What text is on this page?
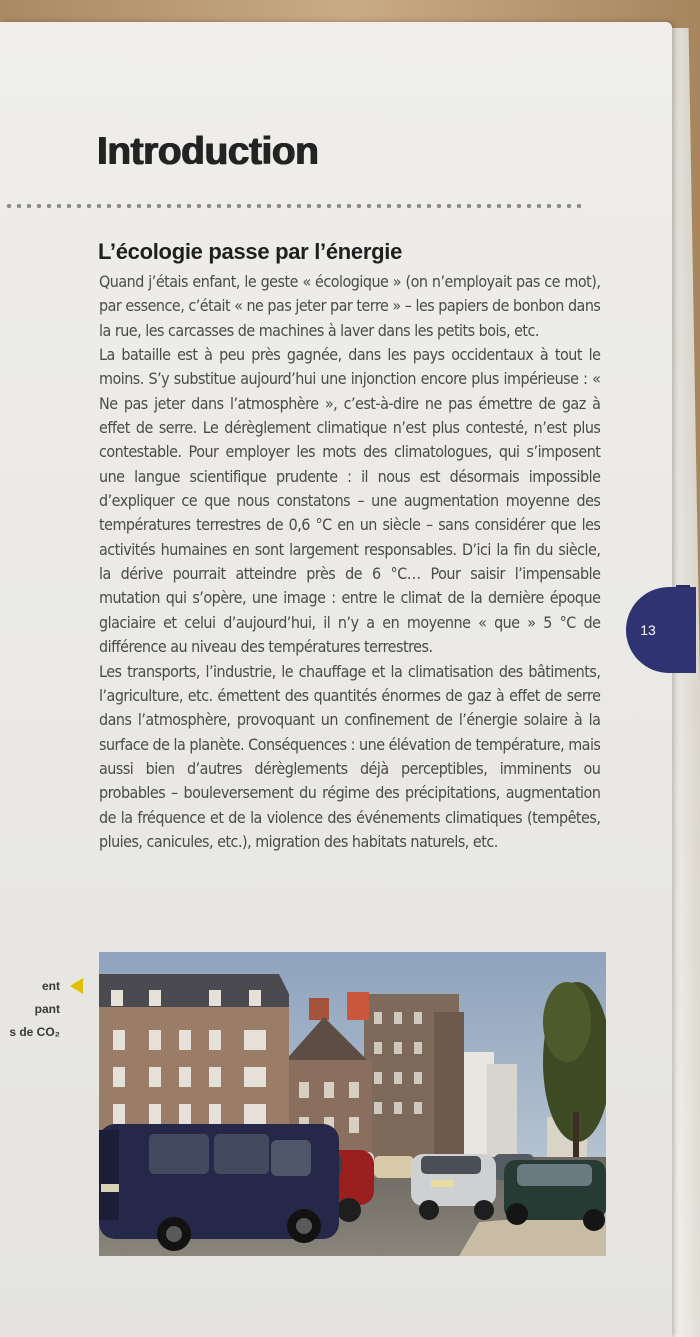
Introduction
L’écologie passe par l’énergie

Quand j’étais enfant, le geste « écologique » (on n’employait pas ce mot), par essence, c’était « ne pas jeter par terre » – les papiers de bonbon dans la rue, les carcasses de machines à laver dans les petits bois, etc.

La bataille est à peu près gagnée, dans les pays occidentaux à tout le moins. S’y substitue aujourd’hui une injonction encore plus impérieuse : « Ne pas jeter dans l’atmosphère », c’est-à-dire ne pas émettre de gaz à effet de serre. Le dérèglement climatique n’est plus contesté, n’est plus contestable. Pour employer les mots des climatologues, qui s’imposent une langue scientifique prudente : il nous est désormais impossible d’expliquer ce que nous constatons – une augmentation moyenne des températures terrestres de 0,6 °C en un siècle – sans considérer que les activités humaines en sont largement responsables. D’ici la fin du siècle, la dérive pourrait atteindre près de 6 °C… Pour saisir l’impensable mutation qui s’opère, une image : entre le climat de la dernière époque glaciaire et celui d’aujourd’hui, il n’y a en moyenne « que » 5 °C de différence au niveau des températures terrestres.

Les transports, l’industrie, le chauffage et la climatisation des bâtiments, l’agriculture, etc. émettent des quantités énormes de gaz à effet de serre dans l’atmosphère, provoquant un confinement de l’énergie solaire à la surface de la planète. Conséquences : une élévation de température, mais aussi bien d’autres dérèglements déjà perceptibles, imminents ou probables – bouleversement du régime des précipitations, augmentation de la fréquence et de la violence des événements climatiques (tempêtes, pluies, canicules, etc.), migration des habitats naturels, etc.

13
ent
pant
s de CO₂
